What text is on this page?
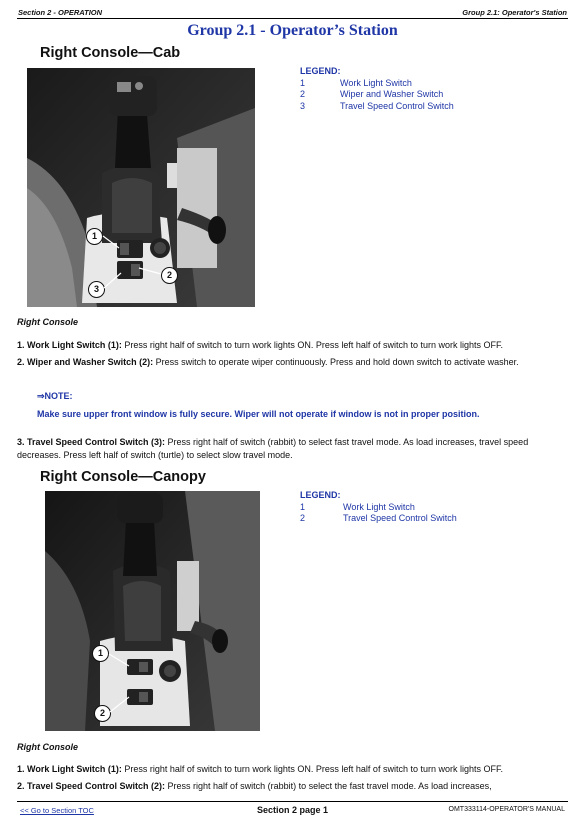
Section 2 - OPERATION	Group 2.1: Operator's Station
Group 2.1 - Operator’s Station
Right Console—Cab
1
2
3
LEGEND:
1	Work Light Switch
2	Wiper and Washer Switch
3	Travel Speed Control Switch
Right Console
1. Work Light Switch (1): Press right half of switch to turn work lights ON. Press left half of switch to turn work lights OFF.
2. Wiper and Washer Switch (2): Press switch to operate wiper continuously. Press and hold down switch to activate washer.
⇒NOTE:
Make sure upper front window is fully secure. Wiper will not operate if window is not in proper position.
3. Travel Speed Control Switch (3): Press right half of switch (rabbit) to select fast travel mode. As load increases, travel speed decreases. Press left half of switch (turtle) to select slow travel mode.
Right Console—Canopy
1
2
LEGEND:
1	Work Light Switch
2	Travel Speed Control Switch
Right Console
1. Work Light Switch (1): Press right half of switch to turn work lights ON. Press left half of switch to turn work lights OFF.
2. Travel Speed Control Switch (2): Press right half of switch (rabbit) to select the fast travel mode. As load increases,
Section 2 page 1
<< Go to Section TOC	OMT333114-OPERATOR'S MANUAL
